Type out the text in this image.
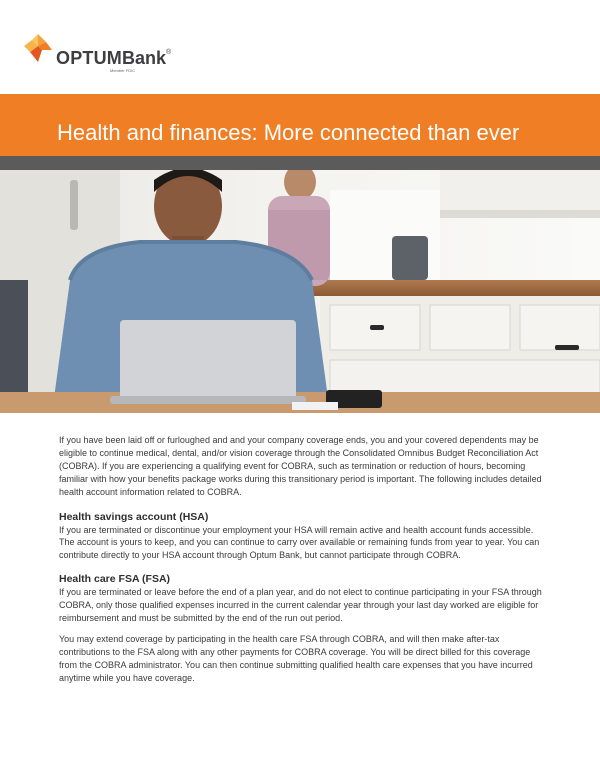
OPTUMBank®
Member FDIC
Health and finances: More connected than ever

If you have been laid off or furloughed and and your company coverage ends, you and your covered dependents may be eligible to continue medical, dental, and/or vision coverage through the Consolidated Omnibus Budget Reconciliation Act (COBRA). If you are experiencing a qualifying event for COBRA, such as termination or reduction of hours, becoming familiar with how your benefits package works during this transitionary period is important. The following includes detailed health account information related to COBRA.

Health savings account (HSA)

If you are terminated or discontinue your employment your HSA will remain active and health account funds accessible. The account is yours to keep, and you can continue to carry over available or remaining funds from year to year. You can contribute directly to your HSA account through Optum Bank, but cannot participate through COBRA.

Health care FSA (FSA)

If you are terminated or leave before the end of a plan year, and do not elect to continue participating in your FSA through COBRA, only those qualified expenses incurred in the current calendar year through your last day worked are eligible for reimbursement and must be submitted by the end of the run out period.

You may extend coverage by participating in the health care FSA through COBRA, and will then make after-tax contributions to the FSA along with any other payments for COBRA coverage. You will be direct billed for this coverage from the COBRA administrator. You can then continue submitting qualified health care expenses that you have incurred anytime while you have coverage.
